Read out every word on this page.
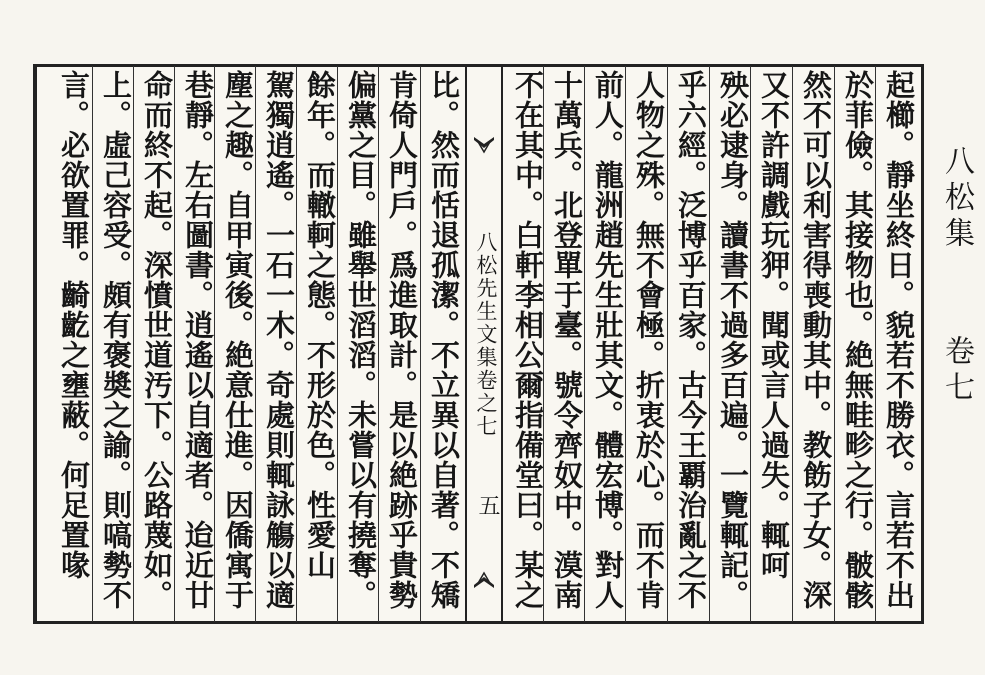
起櫛。靜坐終日。貌若不勝衣。言若不出
於菲儉。其接物也。絶無畦畛之行。骳骸
然不可以利害得喪動其中。教飭子女。深
又不許調戲玩狎。聞或言人過失。輒呵
殃必逮身。讀書不過多百遍。一覽輒記。
乎六經。泛博乎百家。古今王覇治亂之不
人物之殊。無不會極。折衷於心。而不肯
前人。龍洲趙先生壯其文。體宏博。對人
十萬兵。北登單于臺。號令齊奴中。漠南
不在其中。白軒李相公爾指備堂曰。某之
八松先生文集卷之七
五
比。然而恬退孤潔。不立異以自著。不矯
肯倚人門戶。爲進取計。是以絶跡乎貴勢
偏黨之目。雖舉世滔滔。未嘗以有撓奪。
餘年。而轍軻之態。不形於色。性愛山
駕獨逍遙。一石一木。奇處則輒詠觴以適
塵之趣。自甲寅後。絶意仕進。因僑寓于
巷靜。左右圖書。逍遙以自適者。迨近廿
命而終不起。深憤世道汚下。公路蔑如。
上。虛己容受。頗有褒奬之諭。則嗃勢不
言。必欲置罪。齮齕之壅蔽。何足置喙
八松集  卷七
